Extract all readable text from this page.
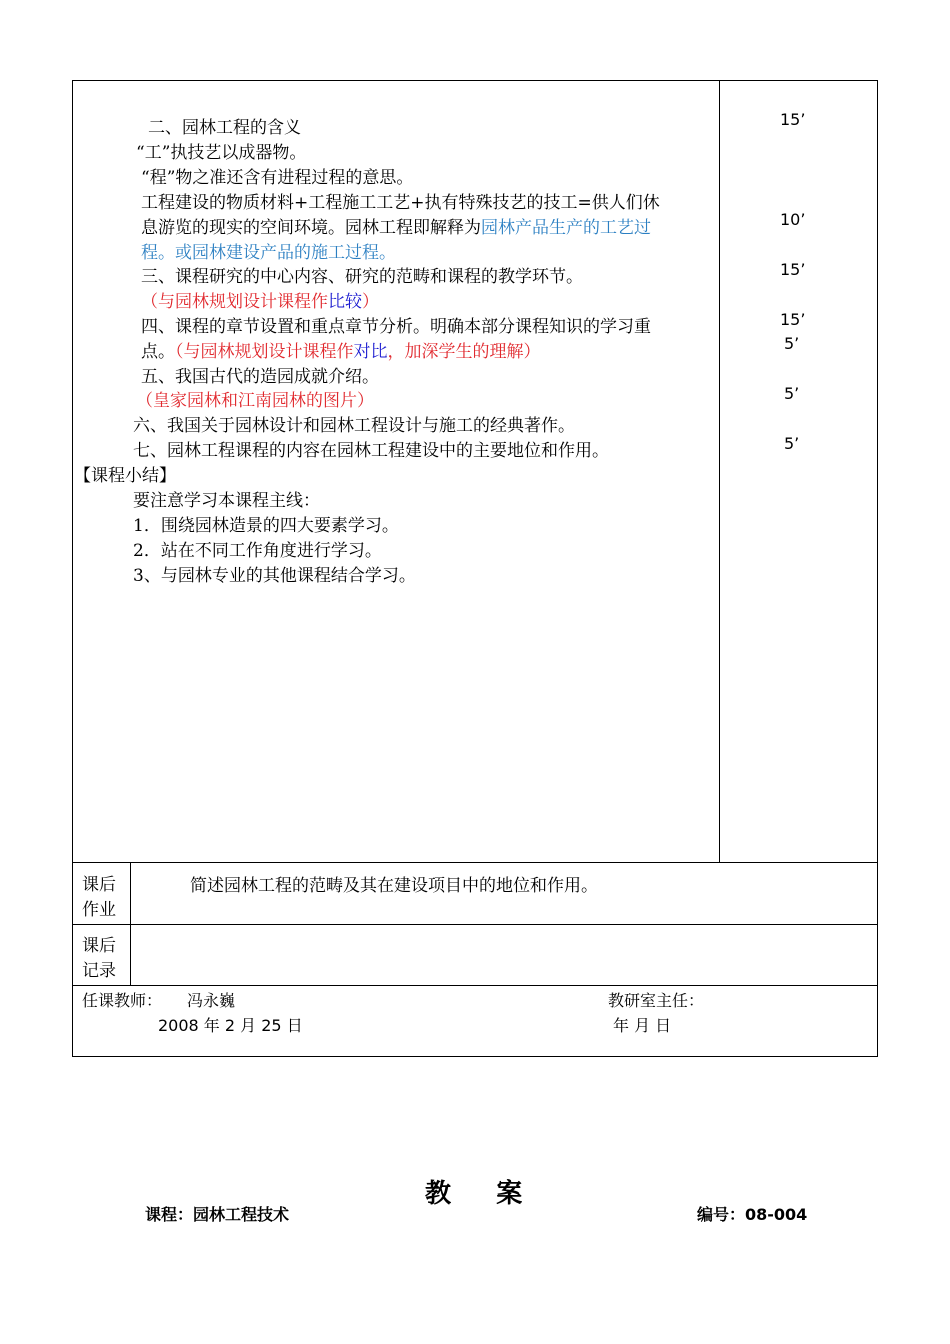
二、园林工程的含义
“工”执技艺以成器物。
“程”物之准还含有进程过程的意思。
工程建设的物质材料+工程施工工艺+执有特殊技艺的技工=供人们休
息游览的现实的空间环境。园林工程即解释为园林产品生产的工艺过
程。或园林建设产品的施工过程。
三、课程研究的中心内容、研究的范畴和课程的教学环节。
（与园林规划设计课程作比较）
四、课程的章节设置和重点章节分析。明确本部分课程知识的学习重
点。（与园林规划设计课程作对比，加深学生的理解）
五、我国古代的造园成就介绍。
（皇家园林和江南园林的图片）
六、我国关于园林设计和园林工程设计与施工的经典著作。
七、园林工程课程的内容在园林工程建设中的主要地位和作用。
【课程小结】
要注意学习本课程主线：
1．围绕园林造景的四大要素学习。
2．站在不同工作角度进行学习。
3、与园林专业的其他课程结合学习。
15’
10’
15’
15’
5’
5’
5’
课后
作业
简述园林工程的范畴及其在建设项目中的地位和作用。
课后
记录
任课教师： 冯永巍
2008 年 2 月 25 日
教研室主任：
年 月 日
教     案
课程：园林工程技术	编号：08-004
